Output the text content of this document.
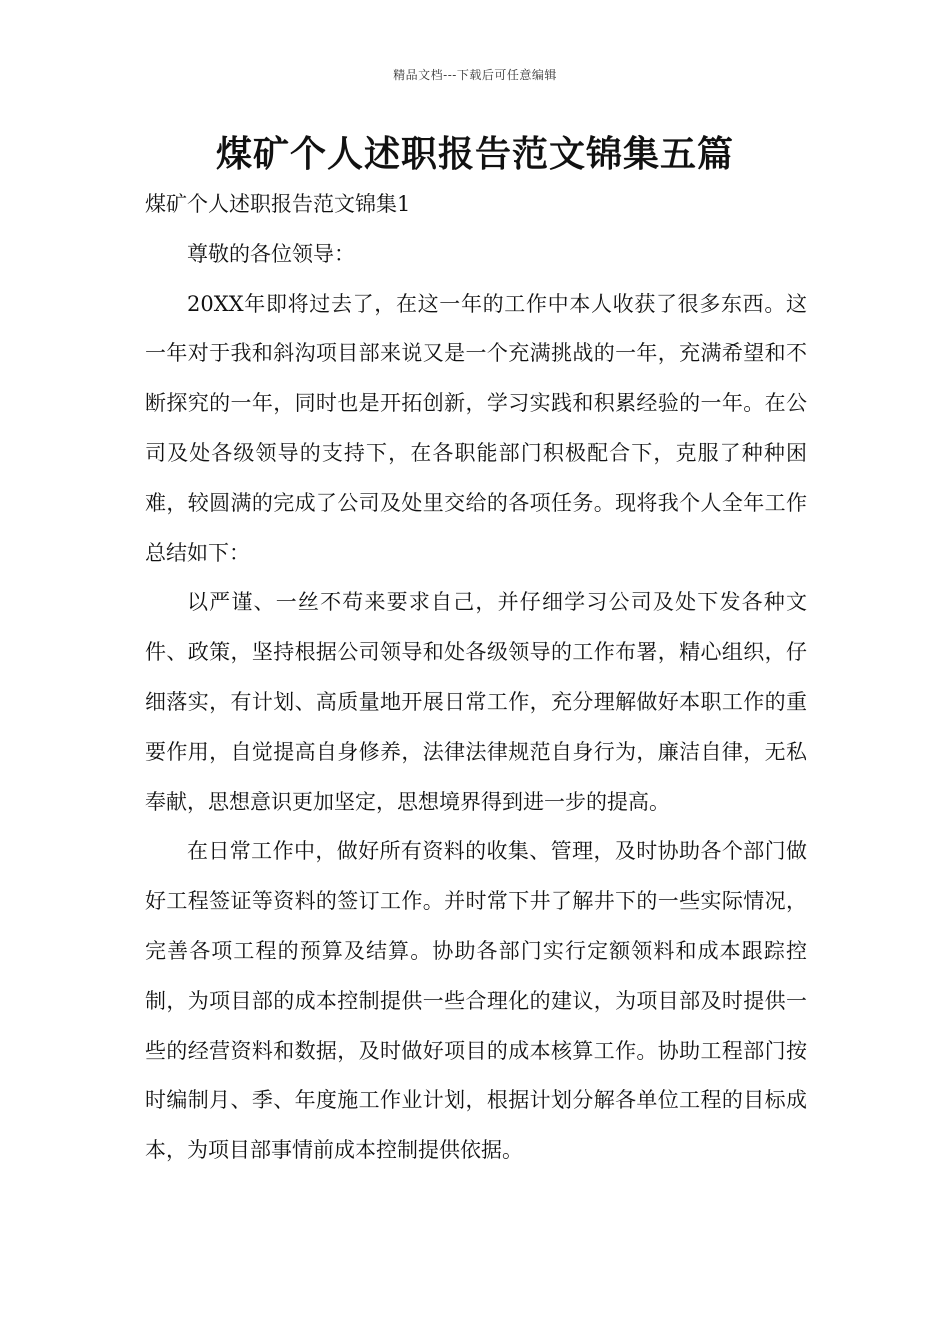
精品文档---下载后可任意编辑
煤矿个人述职报告范文锦集五篇

煤矿个人述职报告范文锦集1

尊敬的各位领导：

20XX年即将过去了，在这一年的工作中本人收获了很多东西。这一年对于我和斜沟项目部来说又是一个充满挑战的一年，充满希望和不断探究的一年，同时也是开拓创新，学习实践和积累经验的一年。在公司及处各级领导的支持下，在各职能部门积极配合下，克服了种种困难，较圆满的完成了公司及处里交给的各项任务。现将我个人全年工作总结如下：

以严谨、一丝不苟来要求自己，并仔细学习公司及处下发各种文件、政策，坚持根据公司领导和处各级领导的工作布署，精心组织，仔细落实，有计划、高质量地开展日常工作，充分理解做好本职工作的重要作用，自觉提高自身修养，法律法律规范自身行为，廉洁自律，无私奉献，思想意识更加坚定，思想境界得到进一步的提高。

在日常工作中，做好所有资料的收集、管理，及时协助各个部门做好工程签证等资料的签订工作。并时常下井了解井下的一些实际情况，完善各项工程的预算及结算。协助各部门实行定额领料和成本跟踪控制，为项目部的成本控制提供一些合理化的建议，为项目部及时提供一些的经营资料和数据，及时做好项目的成本核算工作。协助工程部门按时编制月、季、年度施工作业计划，根据计划分解各单位工程的目标成本，为项目部事情前成本控制提供依据。
